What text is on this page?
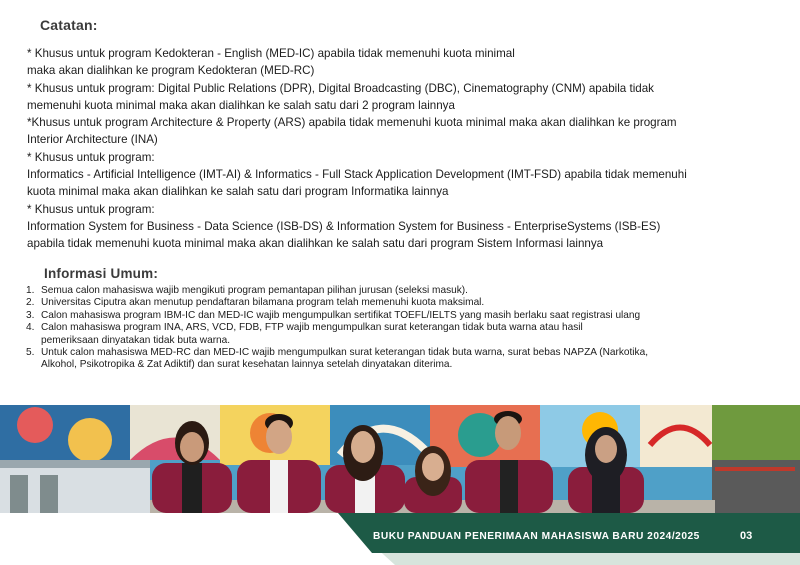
Catatan:
* Khusus untuk program Kedokteran - English (MED-IC) apabila tidak memenuhi kuota minimal
maka akan dialihkan ke program Kedokteran (MED-RC)
* Khusus untuk program: Digital Public Relations (DPR), Digital Broadcasting (DBC), Cinematography (CNM) apabila tidak
memenuhi kuota minimal maka akan dialihkan ke salah satu dari 2 program lainnya
*Khusus untuk program Architecture & Property (ARS) apabila tidak memenuhi kuota minimal maka akan dialihkan ke program
Interior Architecture (INA)
* Khusus untuk program:
Informatics - Artificial Intelligence (IMT-AI) & Informatics - Full Stack Application Development (IMT-FSD) apabila tidak memenuhi
kuota minimal maka akan dialihkan ke salah satu dari program Informatika lainnya
* Khusus untuk program:
Information System for Business - Data Science (ISB-DS) & Information System for Business - EnterpriseSystems (ISB-ES)
apabila tidak memenuhi kuota minimal maka akan dialihkan ke salah satu dari program Sistem Informasi lainnya
Informasi Umum:
1. Semua calon mahasiswa wajib mengikuti program pemantapan pilihan jurusan (seleksi masuk).
2. Universitas Ciputra akan menutup pendaftaran bilamana program telah memenuhi kuota maksimal.
3. Calon mahasiswa program IBM-IC dan MED-IC wajib mengumpulkan sertifikat TOEFL/IELTS yang masih berlaku saat registrasi ulang
4. Calon mahasiswa program INA, ARS, VCD, FDB, FTP wajib mengumpulkan surat keterangan tidak buta warna atau hasil
pemeriksaan dinyatakan tidak buta warna.
5. Untuk calon mahasiswa MED-RC dan MED-IC wajib mengumpulkan surat keterangan tidak buta warna, surat bebas NAPZA (Narkotika,
Alkohol, Psikotropika & Zat Adiktif) dan surat kesehatan lainnya setelah dinyatakan diterima.
BUKU PANDUAN PENERIMAAN MAHASISWA BARU 2024/2025	03
